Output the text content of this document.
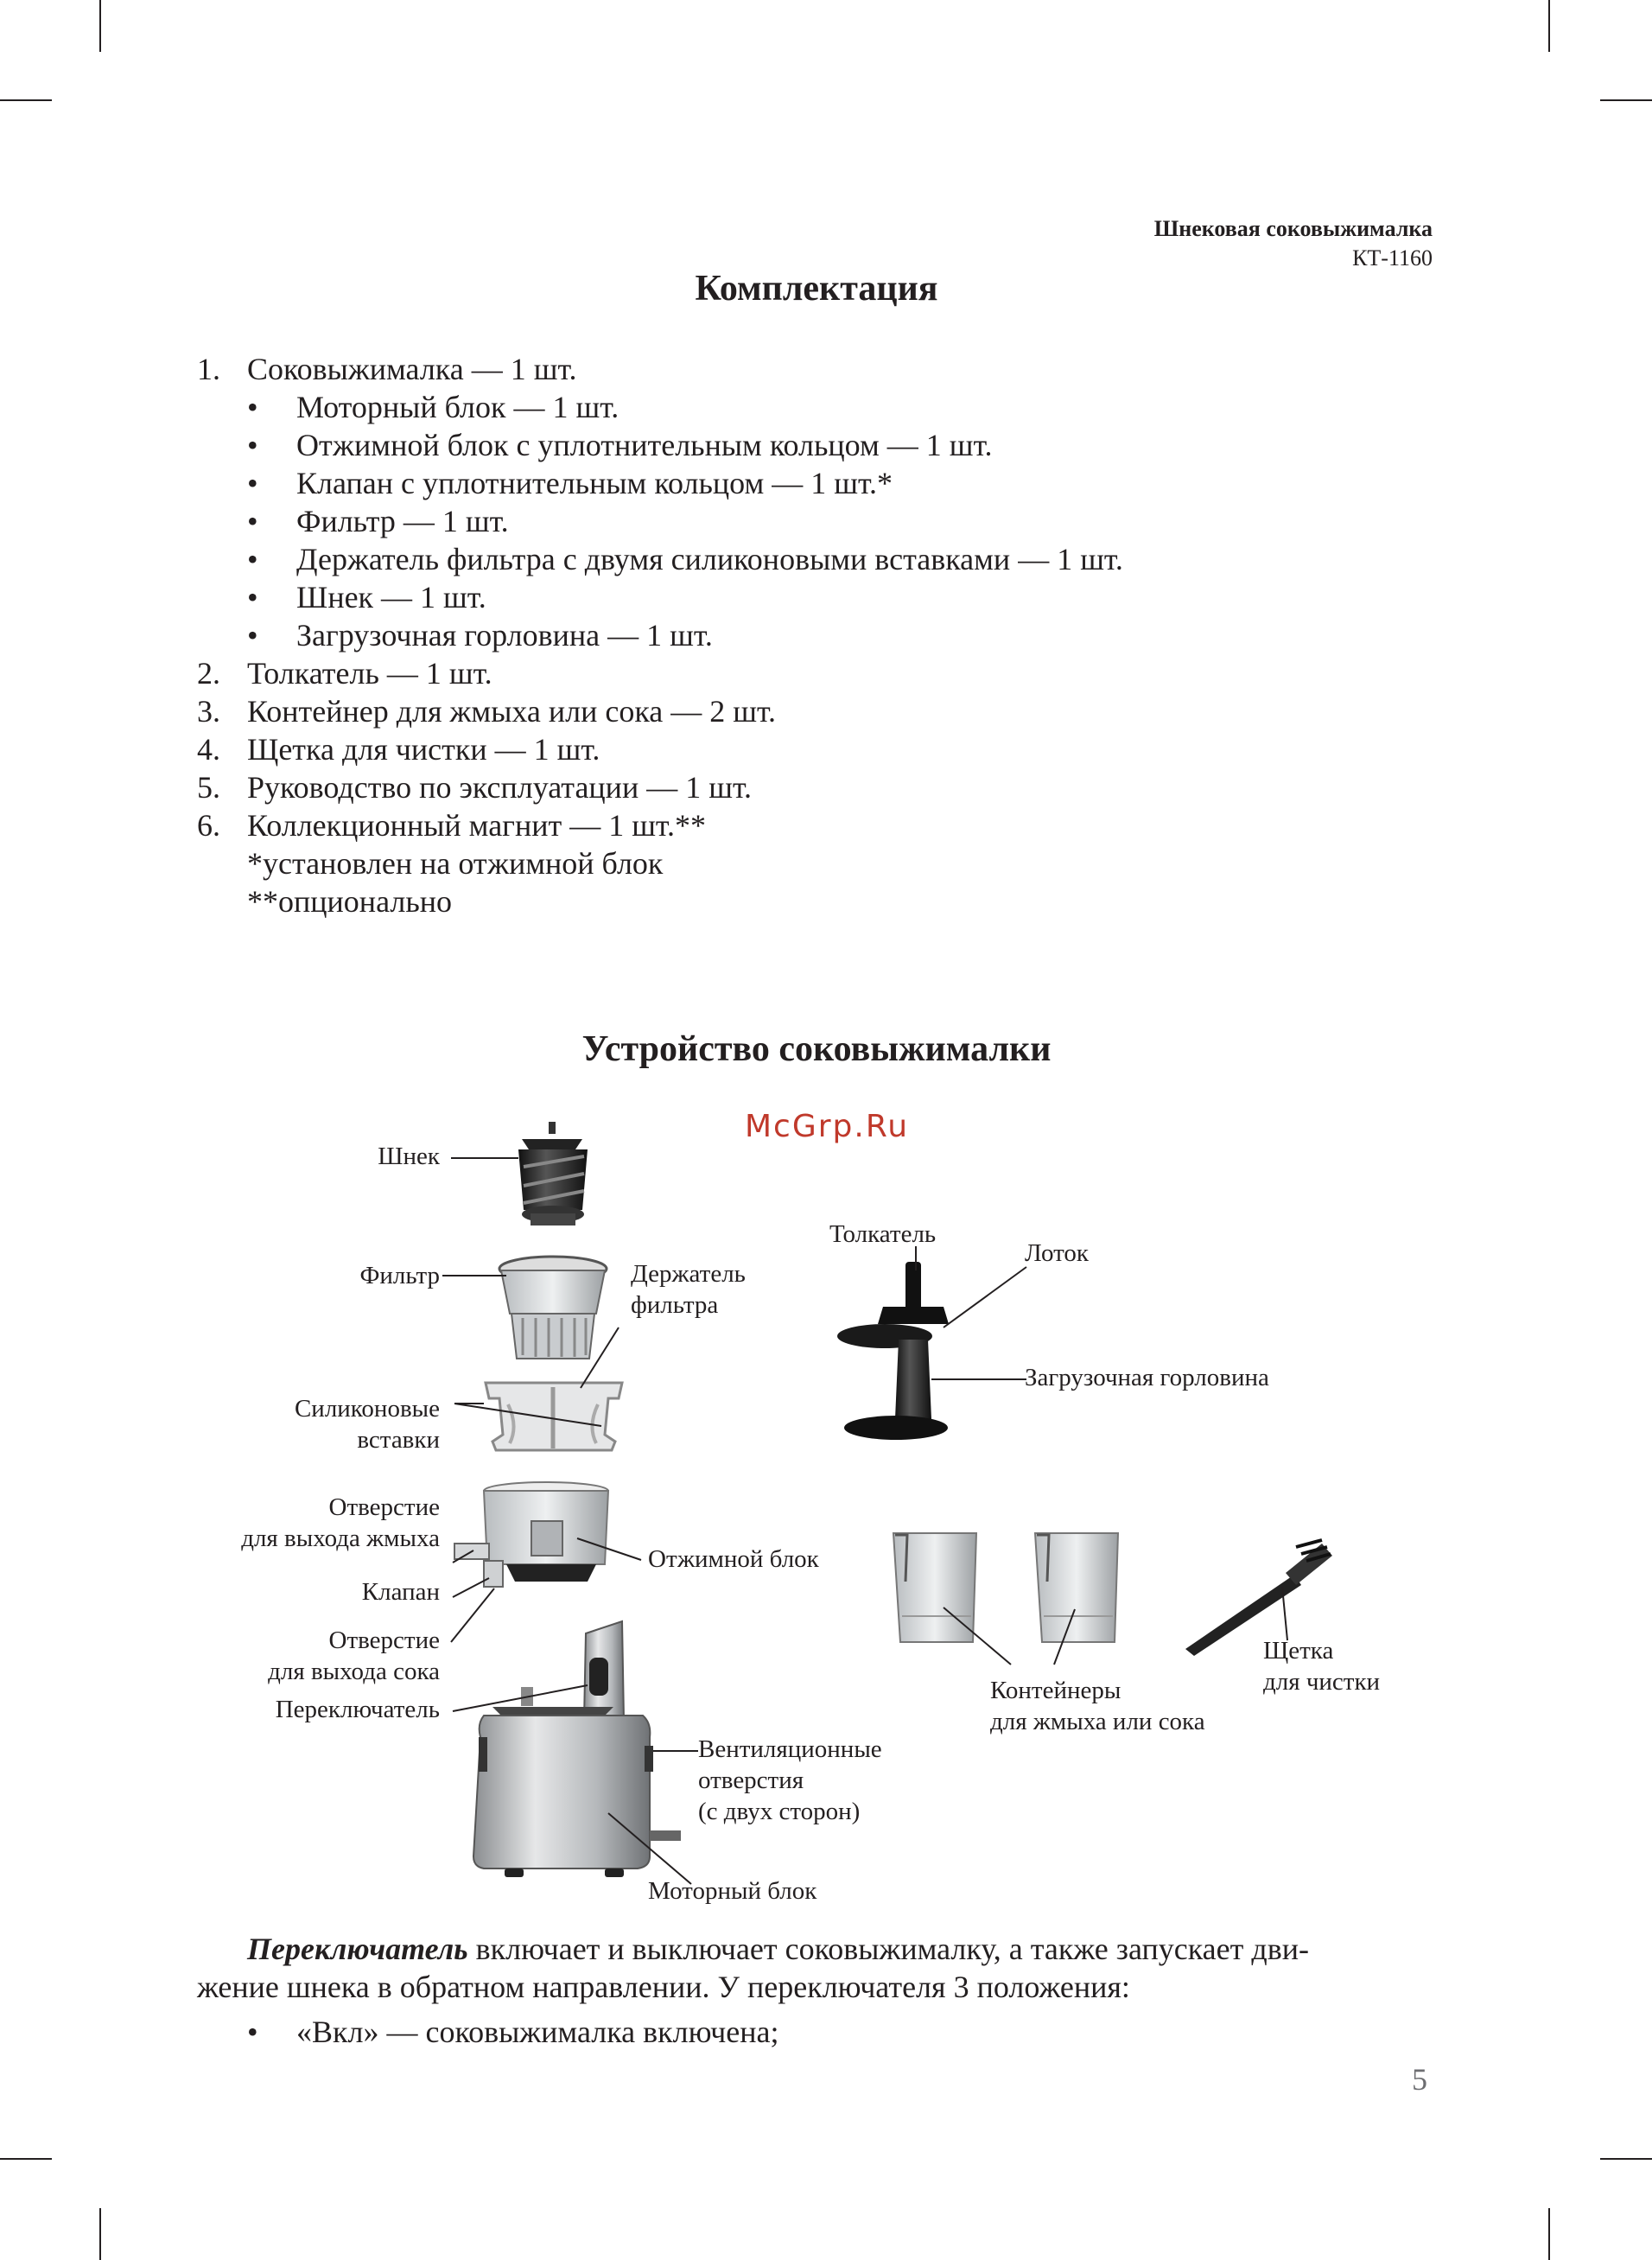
Шнековая соковыжималка
КТ-1160
Комплектация
1. Соковыжималка — 1 шт.
• Моторный блок — 1 шт.
• Отжимной блок с уплотнительным кольцом — 1 шт.
• Клапан с уплотнительным кольцом — 1 шт.*
• Фильтр — 1 шт.
• Держатель фильтра с двумя силиконовыми вставками — 1 шт.
• Шнек — 1 шт.
• Загрузочная горловина — 1 шт.
2. Толкатель — 1 шт.
3. Контейнер для жмыха или сока — 2 шт.
4. Щетка для чистки — 1 шт.
5. Руководство по эксплуатации — 1 шт.
6. Коллекционный магнит — 1 шт.**
*установлен на отжимной блок
**опционально
Устройство соковыжималки
McGrp.Ru
Шнек
Фильтр	Держатель
фильтра
Силиконовые
вставки
Отверстие
для выхода жмыха
Клапан
Отверстие
для выхода сока
Переключатель
Отжимной блок
Вентиляционные
отверстия
(с двух сторон)
Моторный блок
Толкатель
Лоток
Загрузочная горловина
Контейнеры
для жмыха или сока
Щетка
для чистки
Переключатель включает и выключает соковыжималку, а также запускает дви-
жение шнека в обратном направлении. У переключателя 3 положения:
• «Вкл» — соковыжималка включена;
5
